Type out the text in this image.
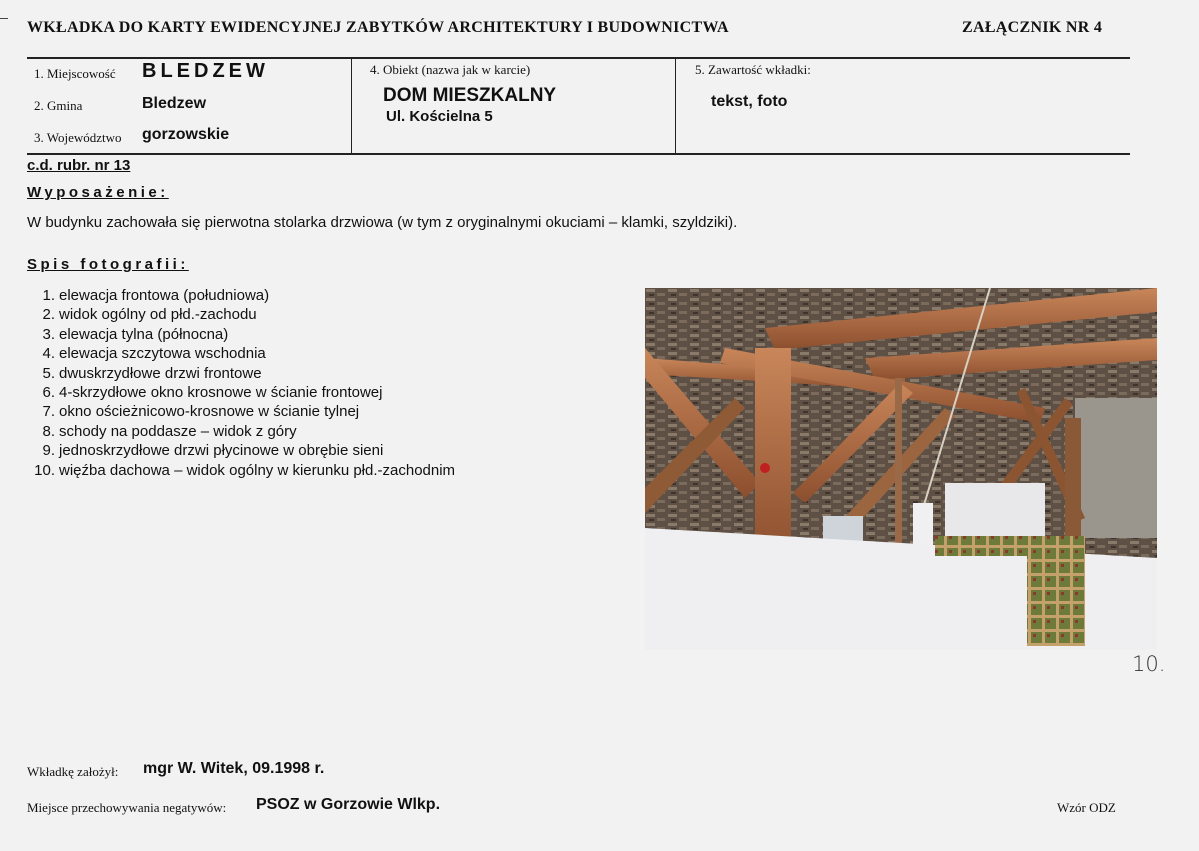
WKŁADKA DO KARTY EWIDENCYJNEJ ZABYTKÓW ARCHITEKTURY I BUDOWNICTWA	ZAŁĄCZNIK NR 4
1. Miejscowość BLEDZEW
2. Gmina	Bledzew
3. Województwo gorzowskie
4. Obiekt (nazwa jak w karcie)
DOM MIESZKALNY
Ul. Kościelna 5
5. Zawartość wkładki:
tekst, foto
c.d. rubr. nr 13
Wyposażenie:
W budynku zachowała się pierwotna stolarka drzwiowa (w tym z oryginalnymi okuciami – klamki, szyldziki).
Spis fotografii:
1. elewacja frontowa (południowa)
2. widok ogólny od płd.-zachodu
3. elewacja tylna (północna)
4. elewacja szczytowa wschodnia
5. dwuskrzydłowe drzwi frontowe
6. 4-skrzydłowe okno krosnowe w ścianie frontowej
7. okno ościeżnicowo-krosnowe w ścianie tylnej
8. schody na poddasze – widok z góry
9. jednoskrzydłowe drzwi płycinowe w obrębie sieni
10. więźba dachowa – widok ogólny w kierunku płd.-zachodnim
10.
Wkładkę założył: mgr W. Witek, 09.1998 r.
Miejsce przechowywania negatywów: PSOZ w Gorzowie Wlkp.	Wzór ODZ
